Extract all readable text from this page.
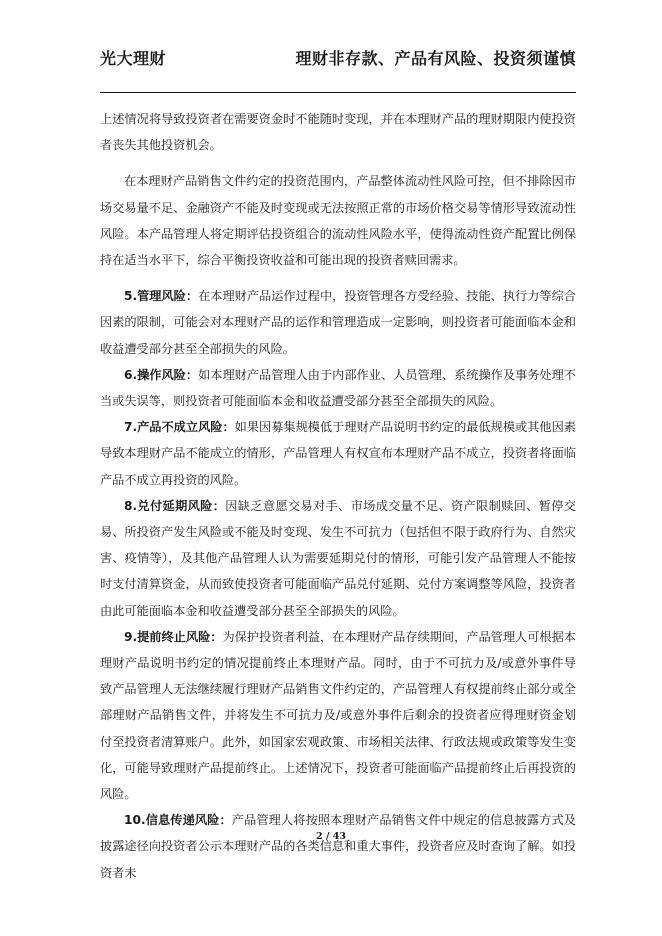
光大理财	理财非存款、产品有风险、投资须谨慎

上述情况将导致投资者在需要资金时不能随时变现，并在本理财产品的理财期限内使投资者丧失其他投资机会。

在本理财产品销售文件约定的投资范围内，产品整体流动性风险可控，但不排除因市场交易量不足、金融资产不能及时变现或无法按照正常的市场价格交易等情形导致流动性风险。本产品管理人将定期评估投资组合的流动性风险水平，使得流动性资产配置比例保持在适当水平下，综合平衡投资收益和可能出现的投资者赎回需求。

5.管理风险：在本理财产品运作过程中，投资管理各方受经验、技能、执行力等综合因素的限制，可能会对本理财产品的运作和管理造成一定影响，则投资者可能面临本金和收益遭受部分甚至全部损失的风险。

6.操作风险：如本理财产品管理人由于内部作业、人员管理、系统操作及事务处理不当或失误等，则投资者可能面临本金和收益遭受部分甚至全部损失的风险。

7.产品不成立风险：如果因募集规模低于理财产品说明书约定的最低规模或其他因素导致本理财产品不能成立的情形，产品管理人有权宣布本理财产品不成立，投资者将面临产品不成立再投资的风险。

8.兑付延期风险：因缺乏意愿交易对手、市场成交量不足、资产限制赎回、暂停交易、所投资产发生风险或不能及时变现、发生不可抗力（包括但不限于政府行为、自然灾害、疫情等），及其他产品管理人认为需要延期兑付的情形，可能引发产品管理人不能按时支付清算资金，从而致使投资者可能面临产品兑付延期、兑付方案调整等风险，投资者由此可能面临本金和收益遭受部分甚至全部损失的风险。

9.提前终止风险：为保护投资者利益，在本理财产品存续期间，产品管理人可根据本理财产品说明书约定的情况提前终止本理财产品。同时，由于不可抗力及/或意外事件导致产品管理人无法继续履行理财产品销售文件约定的，产品管理人有权提前终止部分或全部理财产品销售文件，并将发生不可抗力及/或意外事件后剩余的投资者应得理财资金划付至投资者清算账户。此外，如国家宏观政策、市场相关法律、行政法规或政策等发生变化，可能导致理财产品提前终止。上述情况下，投资者可能面临产品提前终止后再投资的风险。

10.信息传递风险：产品管理人将按照本理财产品销售文件中规定的信息披露方式及披露途径向投资者公示本理财产品的各类信息和重大事件，投资者应及时查询了解。如投资者未

2 / 43
